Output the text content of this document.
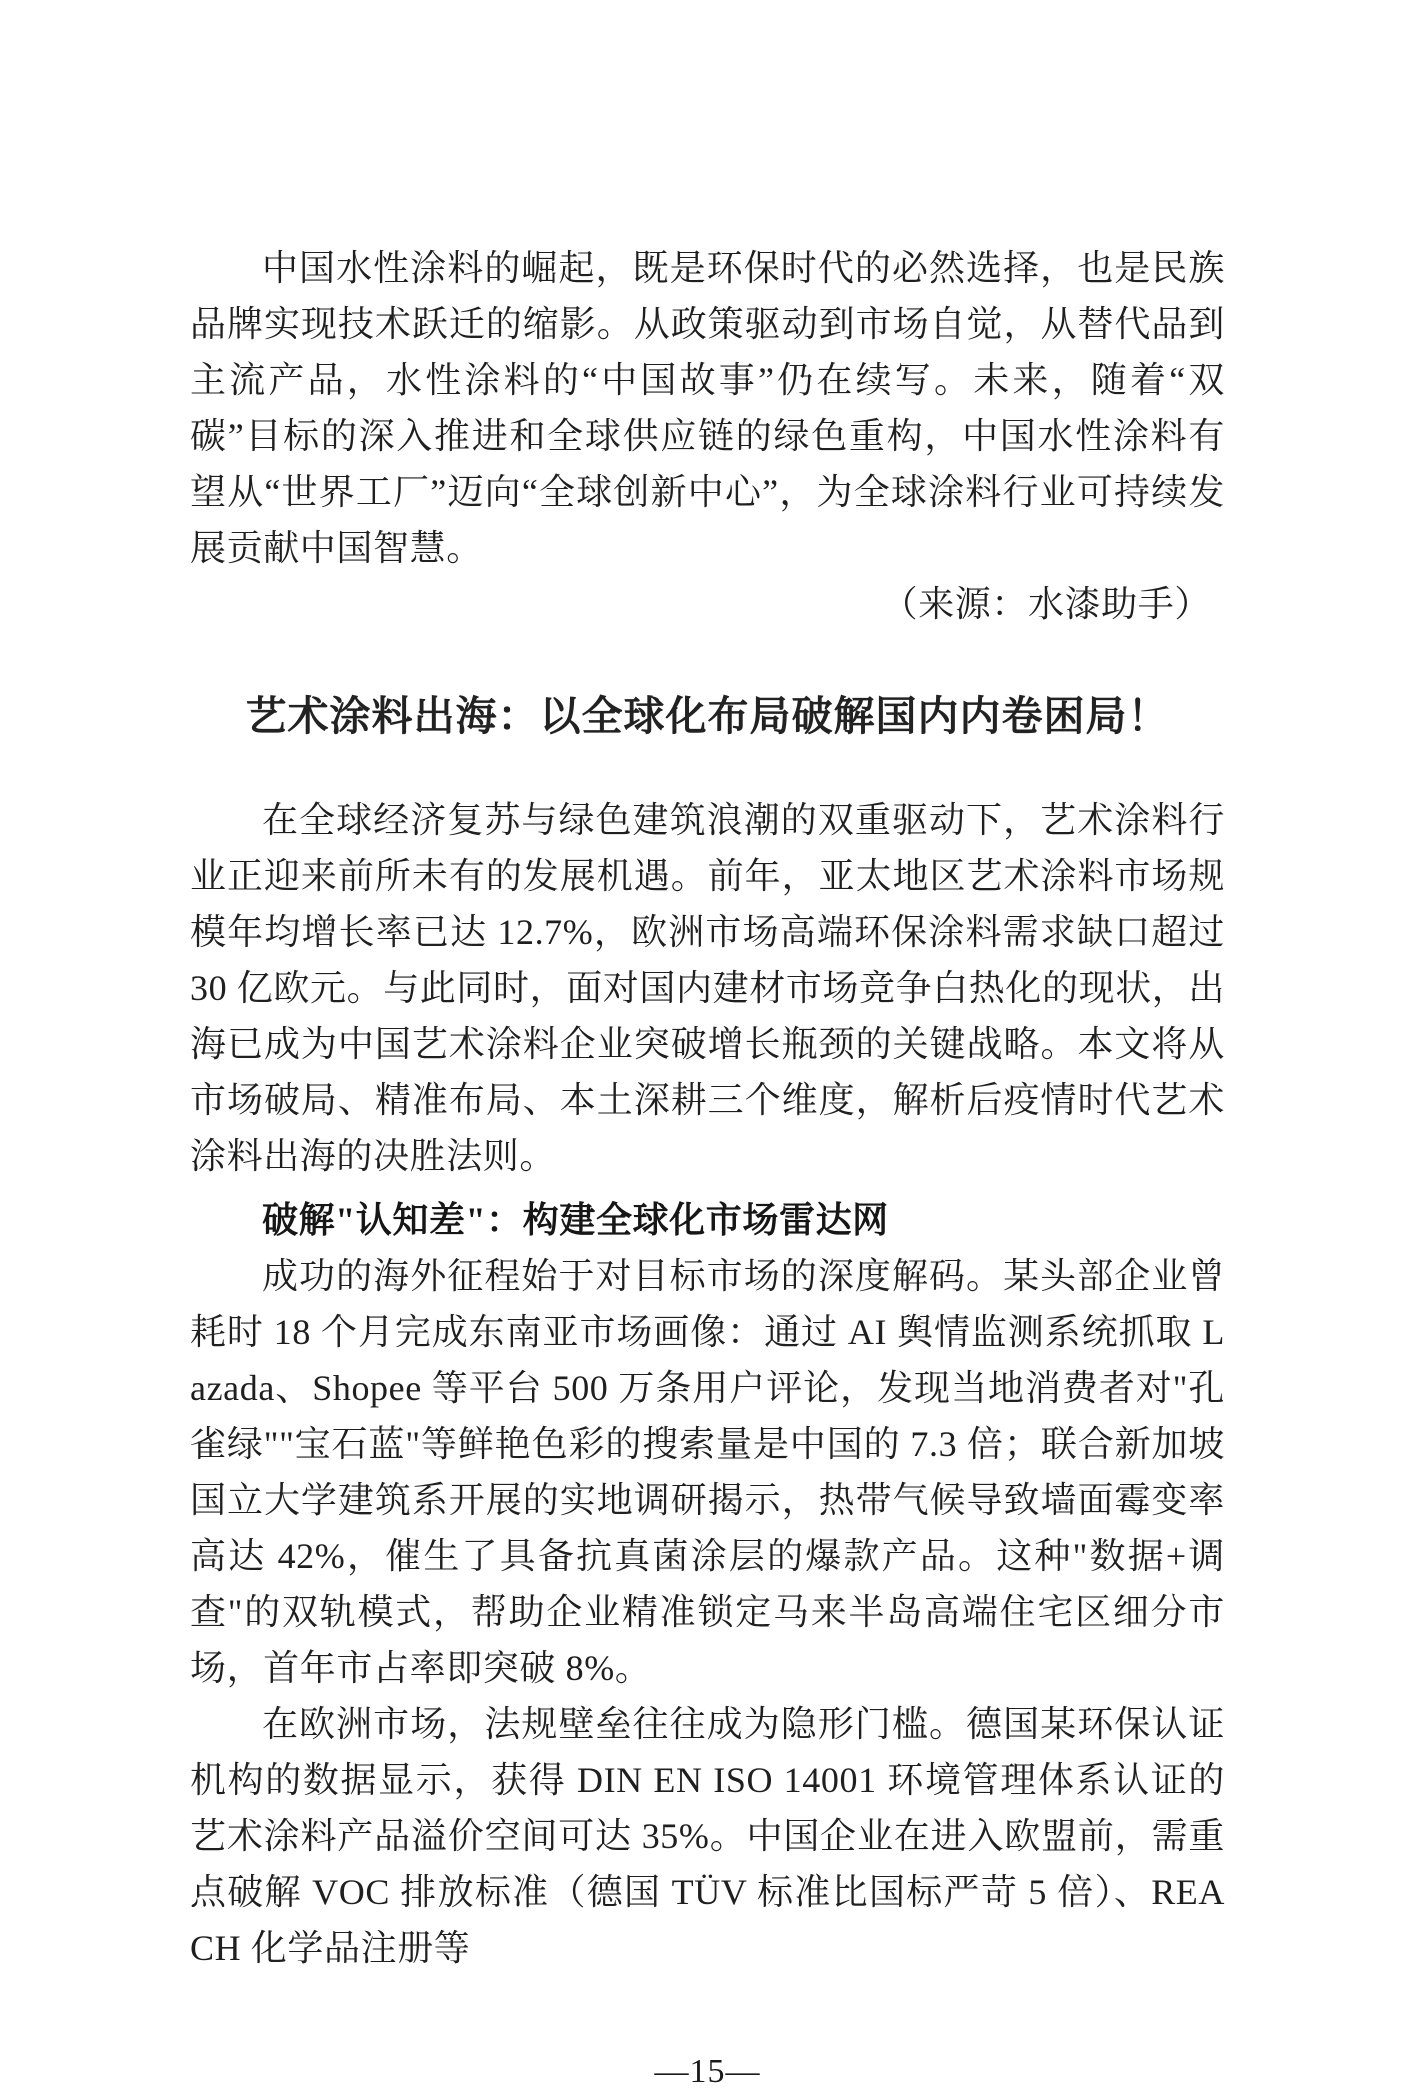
中国水性涂料的崛起，既是环保时代的必然选择，也是民族品牌实现技术跃迁的缩影。从政策驱动到市场自觉，从替代品到主流产品，水性涂料的“中国故事”仍在续写。未来，随着“双碳”目标的深入推进和全球供应链的绿色重构，中国水性涂料有望从“世界工厂”迈向“全球创新中心”，为全球涂料行业可持续发展贡献中国智慧。

（来源：水漆助手）

艺术涂料出海：以全球化布局破解国内内卷困局！

在全球经济复苏与绿色建筑浪潮的双重驱动下，艺术涂料行业正迎来前所未有的发展机遇。前年，亚太地区艺术涂料市场规模年均增长率已达 12.7%，欧洲市场高端环保涂料需求缺口超过 30 亿欧元。与此同时，面对国内建材市场竞争白热化的现状，出海已成为中国艺术涂料企业突破增长瓶颈的关键战略。本文将从市场破局、精准布局、本土深耕三个维度，解析后疫情时代艺术涂料出海的决胜法则。

破解"认知差"：构建全球化市场雷达网

成功的海外征程始于对目标市场的深度解码。某头部企业曾耗时 18 个月完成东南亚市场画像：通过 AI 舆情监测系统抓取 Lazada、Shopee 等平台 500 万条用户评论，发现当地消费者对"孔雀绿""宝石蓝"等鲜艳色彩的搜索量是中国的 7.3 倍；联合新加坡国立大学建筑系开展的实地调研揭示，热带气候导致墙面霉变率高达 42%，催生了具备抗真菌涂层的爆款产品。这种"数据+调查"的双轨模式，帮助企业精准锁定马来半岛高端住宅区细分市场，首年市占率即突破 8%。

在欧洲市场，法规壁垒往往成为隐形门槛。德国某环保认证机构的数据显示，获得 DIN EN ISO 14001 环境管理体系认证的艺术涂料产品溢价空间可达 35%。中国企业在进入欧盟前，需重点破解 VOC 排放标准（德国 TÜV 标准比国标严苛 5 倍）、REACH 化学品注册等

—15—
